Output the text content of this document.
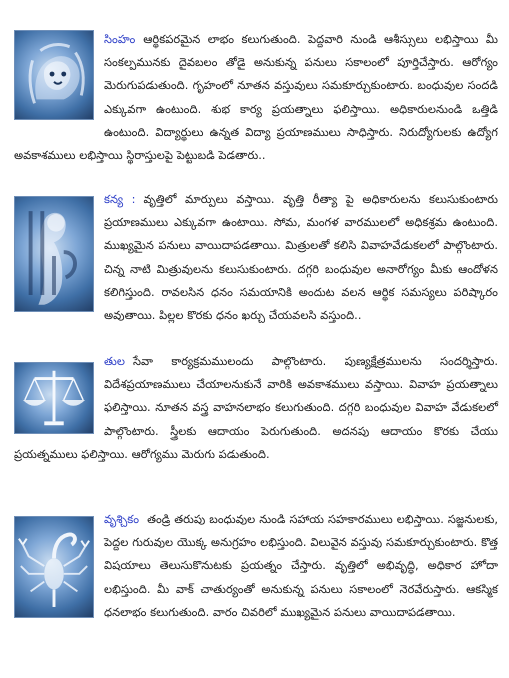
సింహం ఆర్థికపరమైన లాభం కలుగుతుంది. పెద్దవారి నుండి ఆశీస్సులు లభిస్తాయి మీ సంకల్పమునకు దైవబలం తోడై అనుకున్న పనులు సకాలంలో పూర్తిచేస్తారు. ఆరోగ్యం మెరుగుపడుతుంది. గృహంలో నూతన వస్తువులు సమకూర్చుకుంటారు. బంధువుల సందడి ఎక్కువగా ఉంటుంది. శుభ కార్య ప్రయత్నాలు ఫలిస్తాయి. అధికారులనుండి ఒత్తిడి ఉంటుంది. విద్యార్థులు ఉన్నత విద్యా ప్రయాణములు సాధిస్తారు. నిరుద్యోగులకు ఉద్యోగ అవకాశములు లభిస్తాయి స్థిరాస్తులపై పెట్టుబడి పెడతారు..

కన్య : వృత్తిలో మార్పులు వస్తాయి. వృత్తి రీత్యా పై అధికారులను కలుసుకుంటారు ప్రయాణములు ఎక్కువగా ఉంటాయి. సోమ, మంగళ వారములలో అధికశ్రమ ఉంటుంది. ముఖ్యమైన పనులు వాయిదాపడతాయి. మిత్రులతో కలిసి వివాహవేడుకలలో పాల్గొంటారు. చిన్న నాటి మిత్రువులను కలుసుకుంటారు. దగ్గరి బంధువుల అనారోగ్యం మీకు ఆందోళన కలిగిస్తుంది. రావలసిన ధనం సమయానికి అందుట వలన ఆర్థిక సమస్యలు పరిష్కారం అవుతాయి. పిల్లల కొరకు ధనం ఖర్చు చేయవలసి వస్తుంది..

తుల సేవా కార్యక్రమములందు పాల్గొంటారు. పుణ్యక్షేత్రములను సందర్శిస్తారు. విదేశప్రయాణములు చేయాలనుకునే వారికి అవకాశములు వస్తాయి. వివాహ ప్రయత్నాలు ఫలిస్తాయి. నూతన వస్త్ర వాహనలాభం కలుగుతుంది. దగ్గరి బంధువుల వివాహ వేడుకలలో పాల్గొంటారు. స్త్రీలకు ఆదాయం పెరుగుతుంది. అదనపు ఆదాయం కొరకు చేయు ప్రయత్నములు ఫలిస్తాయి. ఆరోగ్యము మెరుగు పడుతుంది.

వృశ్చికం తండ్రి తరుపు బంధువుల నుండి సహాయ సహకారములు లభిస్తాయి. సజ్జనులకు, పెద్దల గురువుల యొక్క అనుగ్రహం లభిస్తుంది. విలువైన వస్తువు సమకూర్చుకుంటారు. కొత్త విషయాలు తెలుసుకొనుటకు ప్రయత్నం చేస్తారు. వృత్తిలో అభివృద్ధి, అధికార హోదా లభిస్తుంది. మీ వాక్ చాతుర్యంతో అనుకున్న పనులు సకాలంలో నెరవేరుస్తారు. ఆకస్మిక ధనలాభం కలుగుతుంది. వారం చివరిలో ముఖ్యమైన పనులు వాయిదాపడతాయి.
